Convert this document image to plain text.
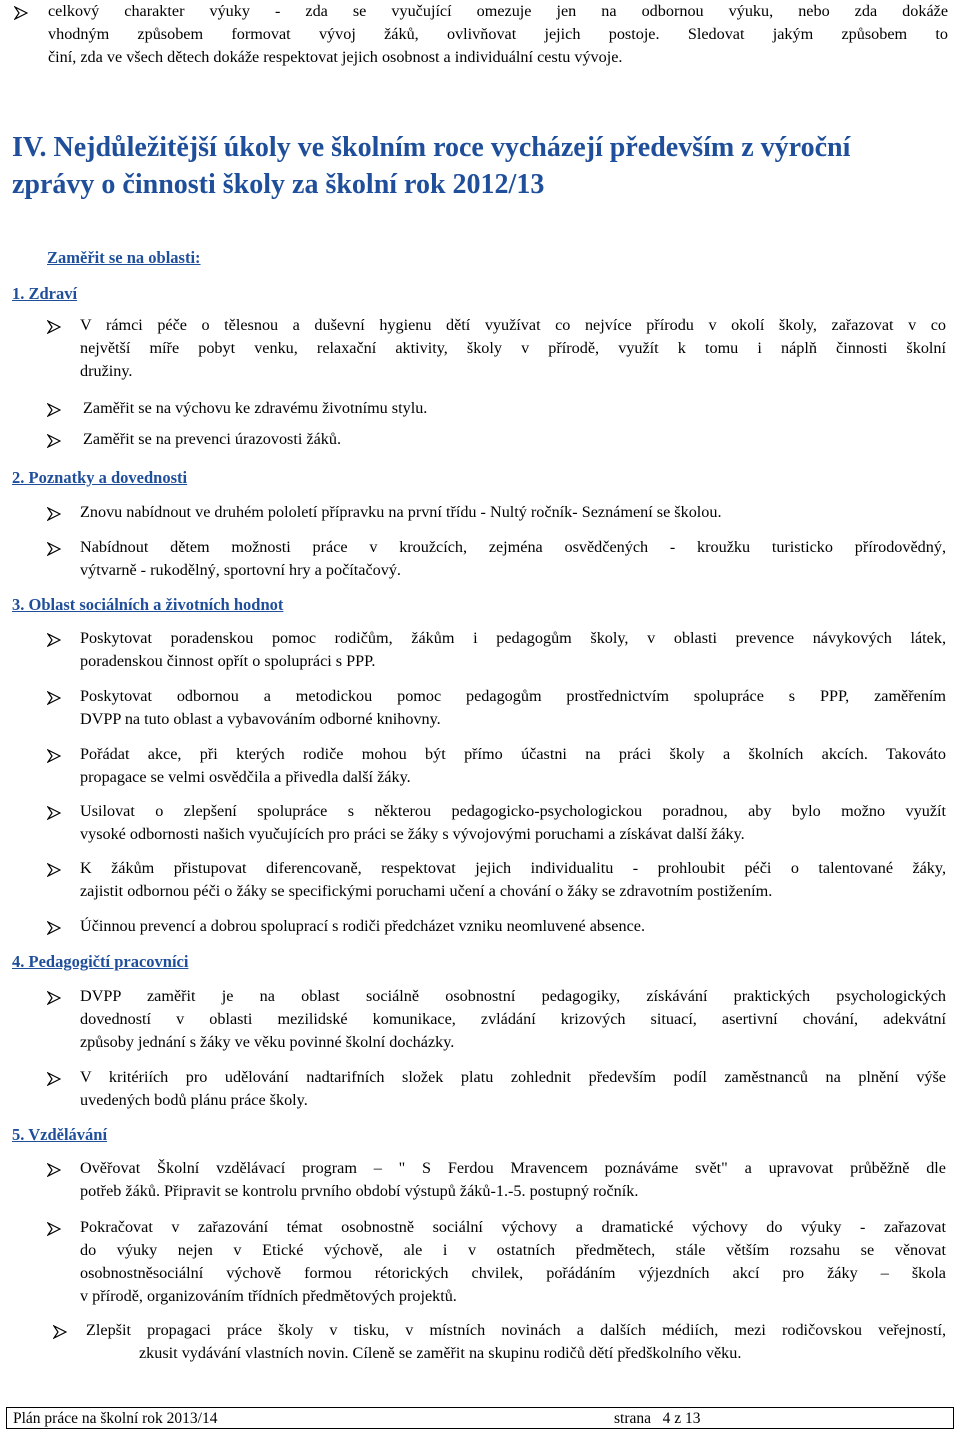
celkový charakter výuky - zda se vyučující omezuje jen na odbornou výuku, nebo zda dokáže
vhodným způsobem formovat vývoj žáků, ovlivňovat jejich postoje. Sledovat jakým způsobem to
činí, zda ve všech dětech dokáže respektovat jejich osobnost a individuální cestu vývoje.
IV. Nejdůležitější úkoly ve školním roce vycházejí především z výroční
zprávy o činnosti školy za školní rok 2012/13
Zaměřit se na oblasti:
1. Zdraví
V rámci péče o tělesnou a duševní hygienu dětí využívat co nejvíce přírodu v okolí školy, zařazovat v co
největší míře pobyt venku, relaxační aktivity, školy v přírodě, využít k tomu i náplň činnosti školní
družiny.
Zaměřit se na výchovu ke zdravému životnímu stylu.
Zaměřit se na prevenci úrazovosti žáků.
2. Poznatky a dovednosti
Znovu nabídnout ve druhém pololetí přípravku na první třídu - Nultý ročník- Seznámení se školou.
Nabídnout dětem možnosti práce v kroužcích, zejména osvědčených - kroužku turisticko přírodovědný,
výtvarně - rukodělný, sportovní hry a počítačový.
3. Oblast sociálních a životních hodnot
Poskytovat poradenskou pomoc rodičům, žákům i pedagogům školy, v oblasti prevence návykových látek,
poradenskou činnost opřít o spolupráci s PPP.
Poskytovat odbornou a metodickou pomoc pedagogům prostřednictvím spolupráce s PPP, zaměřením
DVPP na tuto oblast a vybavováním odborné knihovny.
Pořádat akce, při kterých rodiče mohou být přímo účastni na práci školy a školních akcích. Takováto
propagace se velmi osvědčila a přivedla další žáky.
Usilovat o zlepšení spolupráce s některou pedagogicko-psychologickou poradnou, aby bylo možno využít
vysoké odbornosti našich vyučujících pro práci se žáky s vývojovými poruchami a získávat další žáky.
K žákům přistupovat diferencovaně, respektovat jejich individualitu - prohloubit péči o talentované žáky,
zajistit odbornou péči o žáky se specifickými poruchami učení a chování o žáky se zdravotním postižením.
Účinnou prevencí a dobrou spoluprací s rodiči předcházet vzniku neomluvené absence.
4. Pedagogičtí pracovníci
DVPP zaměřit je na oblast sociálně osobnostní pedagogiky, získávání praktických psychologických
dovedností v oblasti mezilidské komunikace, zvládání krizových situací, asertivní chování, adekvátní
způsoby jednání s žáky ve věku povinné školní docházky.
V kritériích pro udělování nadtarifních složek platu zohlednit především podíl zaměstnanců na plnění výše
uvedených bodů plánu práce školy.
5. Vzdělávání
Ověřovat Školní vzdělávací program – " S Ferdou Mravencem poznáváme svět" a upravovat průběžně dle
potřeb žáků. Připravit se kontrolu prvního období výstupů žáků-1.-5. postupný ročník.
Pokračovat v zařazování témat osobnostně sociální výchovy a dramatické výchovy do výuky - zařazovat
do výuky nejen v Etické výchově, ale i v ostatních předmětech, stále větším rozsahu se věnovat
osobnostněsociální výchově formou rétorických chvilek, pořádáním výjezdních akcí pro žáky – škola
v přírodě, organizováním třídních předmětových projektů.
Zlepšit propagaci práce školy v tisku, v místních novinách a dalších médiích, mezi rodičovskou veřejností,
zkusit vydávání vlastních novin. Cíleně se zaměřit na skupinu rodičů dětí předškolního věku.
Plán práce na školní rok 2013/14	strana   4 z 13
